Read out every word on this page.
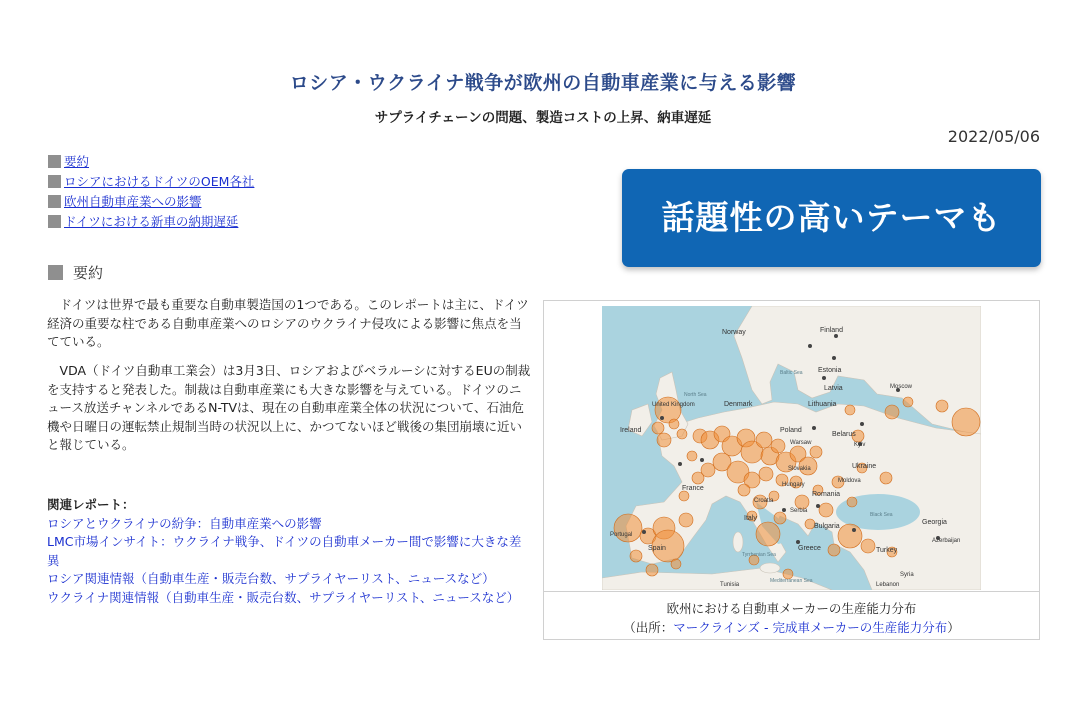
ロシア・ウクライナ戦争が欧州の自動車産業に与える影響
サプライチェーンの問題、製造コストの上昇、納車遅延
2022/05/06
要約
ロシアにおけるドイツのOEM各社
欧州自動車産業への影響
ドイツにおける新車の納期遅延
要約
　ドイツは世界で最も重要な自動車製造国の1つである。このレポートは主に、ドイツ経済の重要な柱である自動車産業へのロシアのウクライナ侵攻による影響に焦点を当てている。
　VDA（ドイツ自動車工業会）は3月3日、ロシアおよびベラルーシに対するEUの制裁を支持すると発表した。制裁は自動車産業にも大きな影響を与えている。ドイツのニュース放送チャンネルであるN-TVは、現在の自動車産業全体の状況について、石油危機や日曜日の運転禁止規制当時の状況以上に、かつてないほど戦後の集団崩壊に近いと報じている。
関連レポート：
ロシアとウクライナの紛争：自動車産業への影響
LMC市場インサイト：ウクライナ戦争、ドイツの自動車メーカー間で影響に大きな差異
ロシア関連情報（自動車生産・販売台数、サプライヤーリスト、ニュースなど）
ウクライナ関連情報（自動車生産・販売台数、サプライヤーリスト、ニュースなど）
話題性の高いテーマも
Norway	Finland
Estonia
Latvia
Lithuania
Denmark
North Sea
Baltic Sea
United Kingdom
Ireland
Belarus
Moscow
Poland
Warsaw
Ukraine
Kyiv
France
Slovakia
Hungary
Moldova
Romania
Croatia
Serbia
Italy
Bulgaria
Black Sea
Georgia
Portugal
Spain	Greece	Turkey
Azerbaijan
Tyrrhenian Sea
Tunisia
Mediterranean Sea
Syria
Lebanon
欧州における自動車メーカーの生産能力分布
（出所：マークラインズ - 完成車メーカーの生産能力分布）
